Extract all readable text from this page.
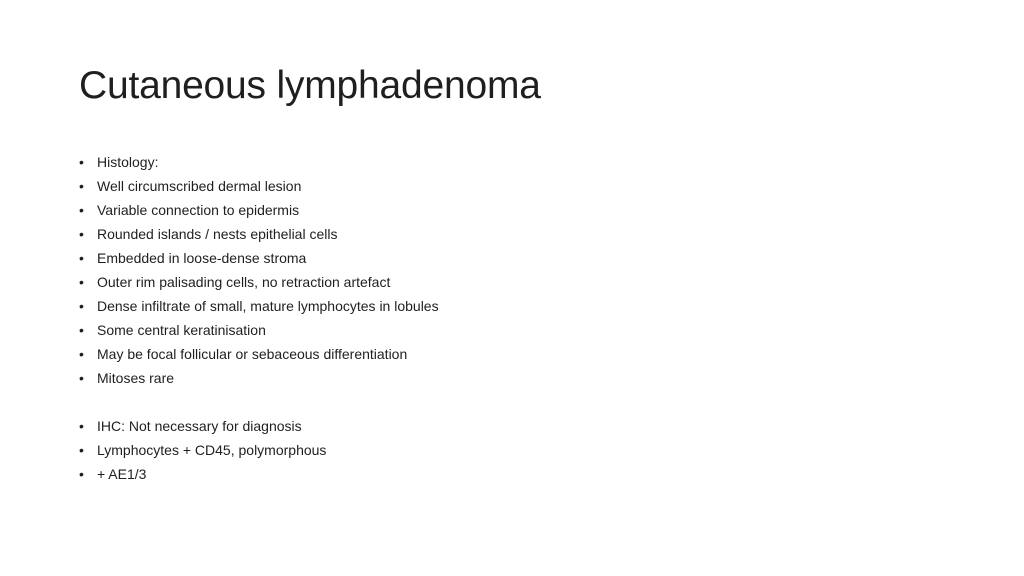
Cutaneous lymphadenoma
• Histology:
• Well circumscribed dermal lesion
• Variable connection to epidermis
• Rounded islands / nests epithelial cells
• Embedded in loose-dense stroma
• Outer rim palisading cells, no retraction artefact
• Dense infiltrate of small, mature lymphocytes in lobules
• Some central keratinisation
• May be focal follicular or sebaceous differentiation
• Mitoses rare
• IHC: Not necessary for diagnosis
• Lymphocytes + CD45, polymorphous
• + AE1/3
